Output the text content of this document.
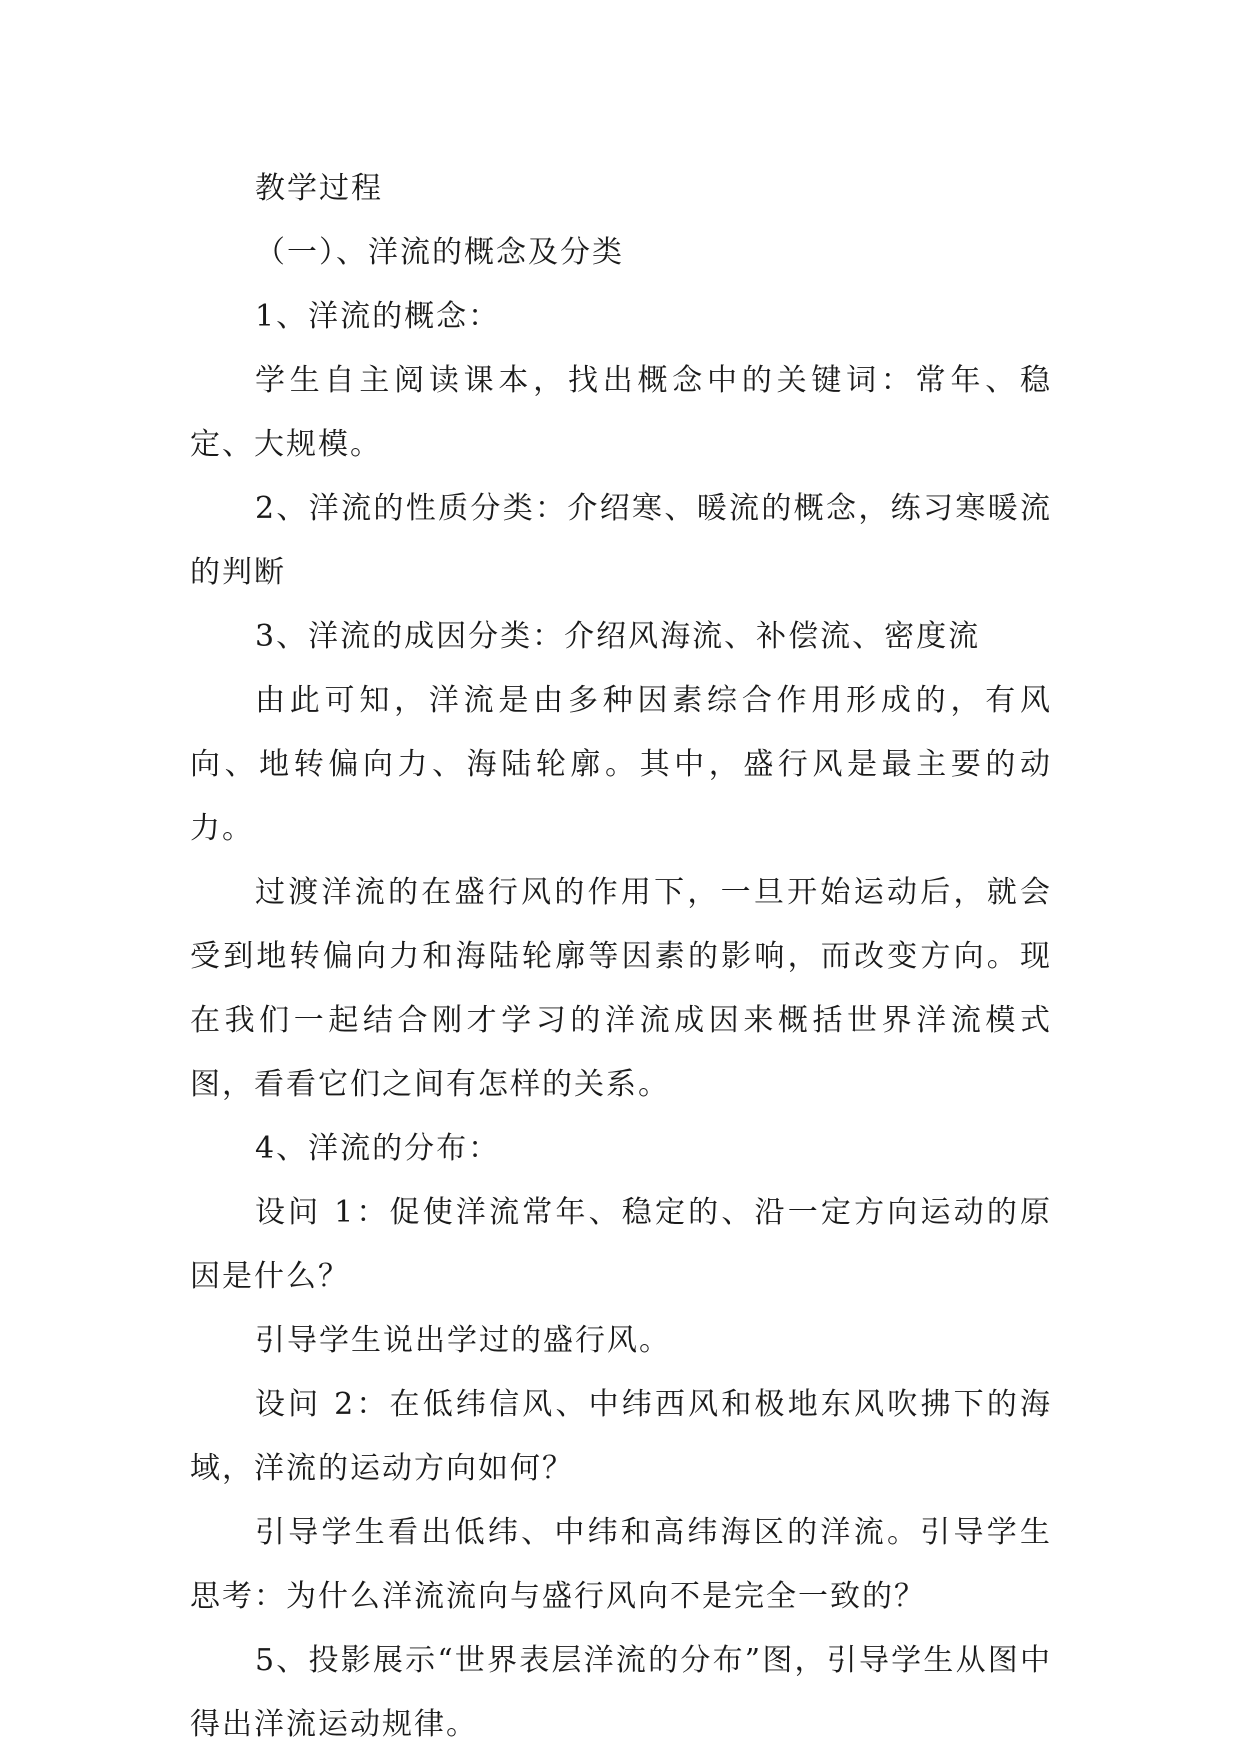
教学过程

（一）、洋流的概念及分类

1、洋流的概念：

学生自主阅读课本，找出概念中的关键词：常年、稳定、大规模。

2、洋流的性质分类：介绍寒、暖流的概念，练习寒暖流的判断

3、洋流的成因分类：介绍风海流、补偿流、密度流

由此可知，洋流是由多种因素综合作用形成的，有风向、地转偏向力、海陆轮廓。其中，盛行风是最主要的动力。

过渡洋流的在盛行风的作用下，一旦开始运动后，就会受到地转偏向力和海陆轮廓等因素的影响，而改变方向。现在我们一起结合刚才学习的洋流成因来概括世界洋流模式图，看看它们之间有怎样的关系。

4、洋流的分布：

设问 1：促使洋流常年、稳定的、沿一定方向运动的原因是什么？

引导学生说出学过的盛行风。

设问 2：在低纬信风、中纬西风和极地东风吹拂下的海域，洋流的运动方向如何？

引导学生看出低纬、中纬和高纬海区的洋流。引导学生思考：为什么洋流流向与盛行风向不是完全一致的？

5、投影展示“世界表层洋流的分布”图，引导学生从图中得出洋流运动规律。
